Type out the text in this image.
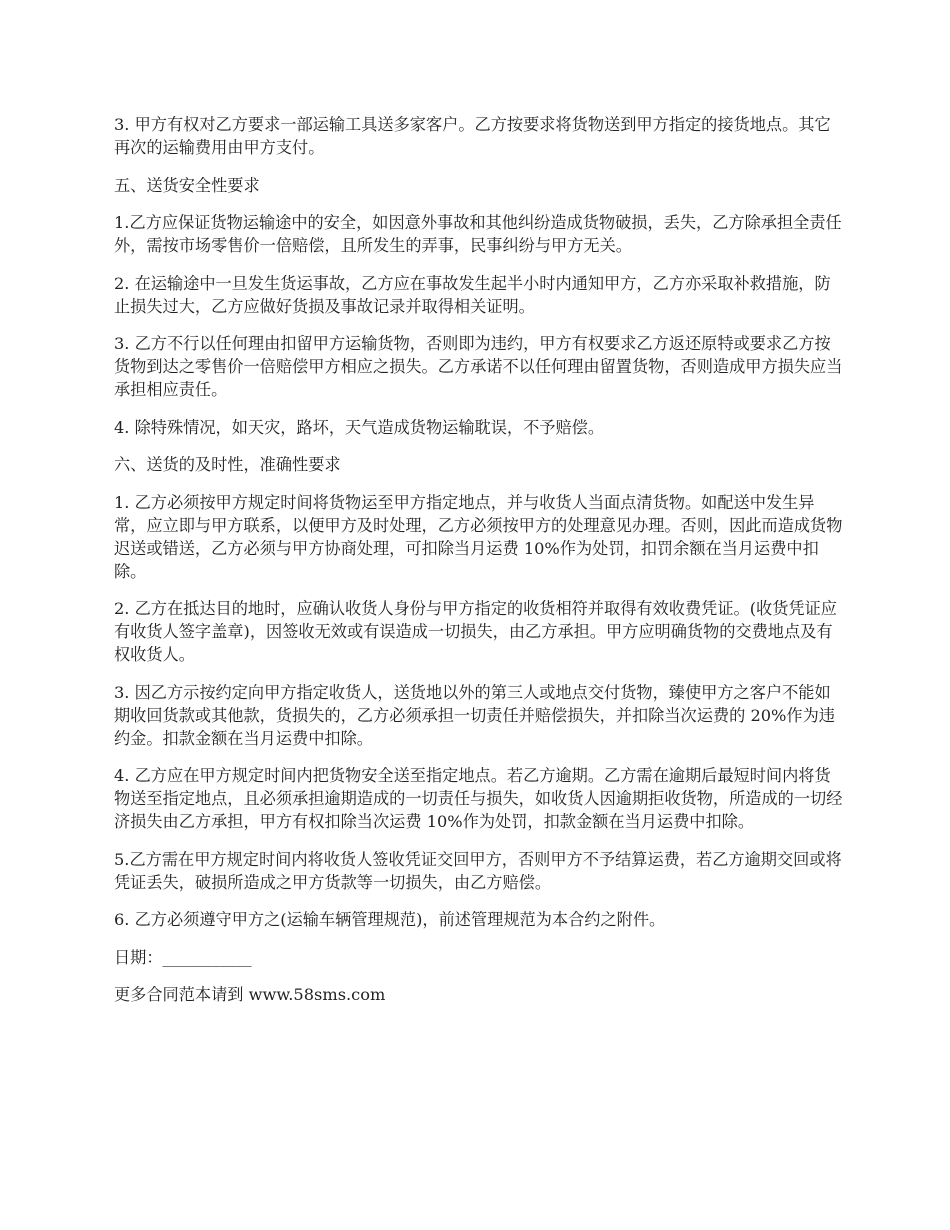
3. 甲方有权对乙方要求一部运输工具送多家客户。乙方按要求将货物送到甲方指定的接货地点。其它再次的运输费用由甲方支付。

五、送货安全性要求

1.乙方应保证货物运输途中的安全，如因意外事故和其他纠纷造成货物破损，丢失，乙方除承担全责任外，需按市场零售价一倍赔偿，且所发生的弄事，民事纠纷与甲方无关。

2. 在运输途中一旦发生货运事故，乙方应在事故发生起半小时内通知甲方，乙方亦采取补救措施，防止损失过大，乙方应做好货损及事故记录并取得相关证明。

3. 乙方不行以任何理由扣留甲方运输货物，否则即为违约，甲方有权要求乙方返还原特或要求乙方按货物到达之零售价一倍赔偿甲方相应之损失。乙方承诺不以任何理由留置货物，否则造成甲方损失应当承担相应责任。

4. 除特殊情况，如天灾，路坏，天气造成货物运输耽误，不予赔偿。

六、送货的及时性，准确性要求

1. 乙方必须按甲方规定时间将货物运至甲方指定地点，并与收货人当面点清货物。如配送中发生异常，应立即与甲方联系，以便甲方及时处理，乙方必须按甲方的处理意见办理。否则，因此而造成货物迟送或错送，乙方必须与甲方协商处理，可扣除当月运费 10%作为处罚，扣罚余额在当月运费中扣除。

2. 乙方在抵达目的地时，应确认收货人身份与甲方指定的收货相符并取得有效收费凭证。(收货凭证应有收货人签字盖章)，因签收无效或有误造成一切损失，由乙方承担。甲方应明确货物的交费地点及有权收货人。

3. 因乙方示按约定向甲方指定收货人，送货地以外的第三人或地点交付货物，臻使甲方之客户不能如期收回货款或其他款，货损失的，乙方必须承担一切责任并赔偿损失，并扣除当次运费的 20%作为违约金。扣款金额在当月运费中扣除。

4. 乙方应在甲方规定时间内把货物安全送至指定地点。若乙方逾期。乙方需在逾期后最短时间内将货物送至指定地点，且必须承担逾期造成的一切责任与损失，如收货人因逾期拒收货物，所造成的一切经济损失由乙方承担，甲方有权扣除当次运费 10%作为处罚，扣款金额在当月运费中扣除。

5.乙方需在甲方规定时间内将收货人签收凭证交回甲方，否则甲方不予结算运费，若乙方逾期交回或将凭证丢失，破损所造成之甲方货款等一切损失，由乙方赔偿。

6. 乙方必须遵守甲方之(运输车辆管理规范)，前述管理规范为本合约之附件。

日期：___________

更多合同范本请到 www.58sms.com
